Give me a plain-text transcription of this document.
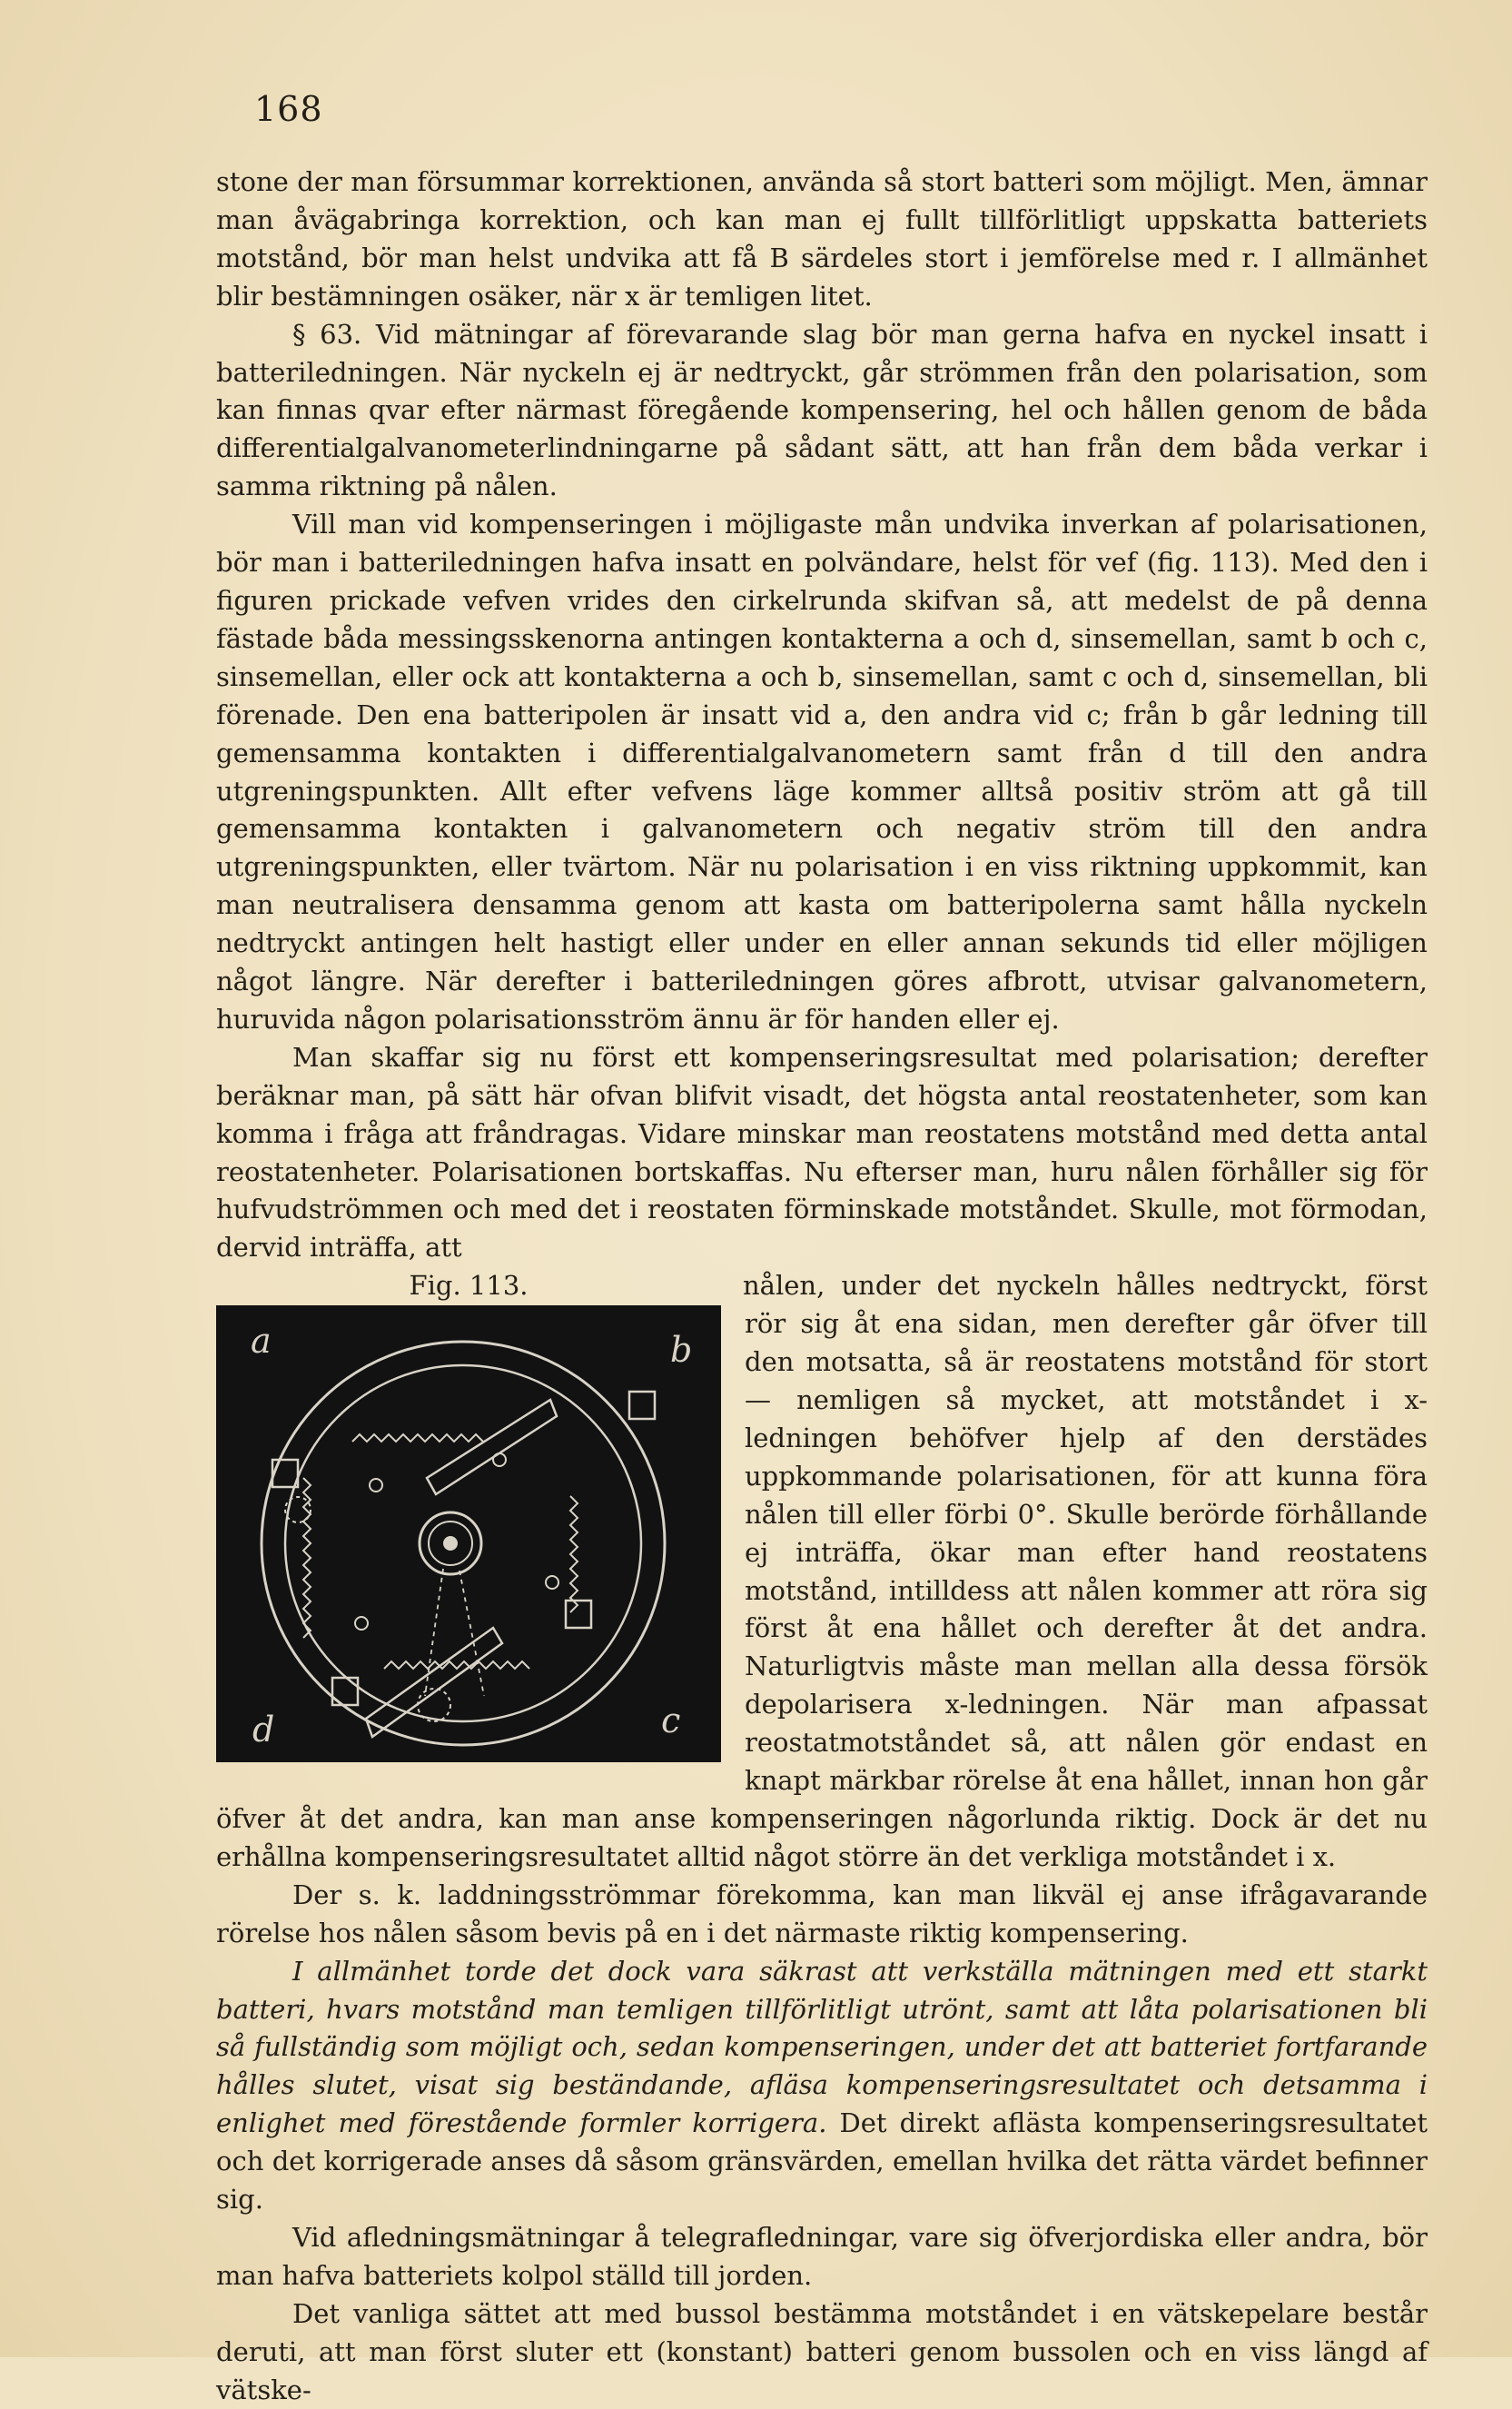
168

stone der man försummar korrektionen, använda så stort batteri som möjligt. Men, ämnar man åvägabringa korrektion, och kan man ej fullt tillförlitligt uppskatta batteriets motstånd, bör man helst undvika att få B särdeles stort i jemförelse med r. I allmänhet blir bestämningen osäker, när x är temligen litet.

§ 63. Vid mätningar af förevarande slag bör man gerna hafva en nyckel insatt i batteriledningen. När nyckeln ej är nedtryckt, går strömmen från den polarisation, som kan finnas qvar efter närmast föregående kompensering, hel och hållen genom de båda differentialgalvanometerlindningarne på sådant sätt, att han från dem båda verkar i samma riktning på nålen.

Vill man vid kompenseringen i möjligaste mån undvika inverkan af polarisationen, bör man i batteriledningen hafva insatt en polvändare, helst för vef (fig. 113). Med den i figuren prickade vefven vrides den cirkelrunda skifvan så, att medelst de på denna fästade båda messingsskenorna antingen kontakterna a och d, sinsemellan, samt b och c, sinsemellan, eller ock att kontakterna a och b, sinsemellan, samt c och d, sinsemellan, bli förenade. Den ena batteripolen är insatt vid a, den andra vid c; från b går ledning till gemensamma kontakten i differentialgalvanometern samt från d till den andra utgreningspunkten. Allt efter vefvens läge kommer alltså positiv ström att gå till gemensamma kontakten i galvanometern och negativ ström till den andra utgreningspunkten, eller tvärtom. När nu polarisation i en viss riktning uppkommit, kan man neutralisera densamma genom att kasta om batteripolerna samt hålla nyckeln nedtryckt antingen helt hastigt eller under en eller annan sekunds tid eller möjligen något längre. När derefter i batteriledningen göres afbrott, utvisar galvanometern, huruvida någon polarisationsström ännu är för handen eller ej.

Man skaffar sig nu först ett kompenseringsresultat med polarisation; derefter beräknar man, på sätt här ofvan blifvit visadt, det högsta antal reostatenheter, som kan komma i fråga att fråndragas. Vidare minskar man reostatens motstånd med detta antal reostatenheter. Polarisationen bortskaffas. Nu efterser man, huru nålen förhåller sig för hufvudströmmen och med det i reostaten förminskade motståndet. Skulle, mot förmodan, dervid inträffa, att

Fig. 113.
a	b
c
d

nålen, under det nyckeln hålles nedtryckt, först rör sig åt ena sidan, men derefter går öfver till den motsatta, så är reostatens motstånd för stort — nemligen så mycket, att motståndet i x-ledningen behöfver hjelp af den derstädes uppkommande polarisationen, för att kunna föra nålen till eller förbi 0°. Skulle berörde förhållande ej inträffa, ökar man efter hand reostatens motstånd, intilldess att nålen kommer att röra sig först åt ena hållet och derefter åt det andra. Naturligtvis måste man mellan alla dessa försök depolarisera x-ledningen. När man afpassat reostatmotståndet så, att nålen gör endast en knapt märkbar rörelse åt ena hållet, innan hon går öfver åt det andra, kan man anse kompenseringen någorlunda riktig. Dock är det nu erhållna kompenseringsresultatet alltid något större än det verkliga motståndet i x.

Der s. k. laddningsströmmar förekomma, kan man likväl ej anse ifrågavarande rörelse hos nålen såsom bevis på en i det närmaste riktig kompensering.

I allmänhet torde det dock vara säkrast att verkställa mätningen med ett starkt batteri, hvars motstånd man temligen tillförlitligt utrönt, samt att låta polarisationen bli så fullständig som möjligt och, sedan kompenseringen, under det att batteriet fortfarande hålles slutet, visat sig beständande, afläsa kompenseringsresultatet och detsamma i enlighet med förestående formler korrigera. Det direkt aflästa kompenseringsresultatet och det korrigerade anses då såsom gränsvärden, emellan hvilka det rätta värdet befinner sig.

Vid afledningsmätningar å telegrafledningar, vare sig öfverjordiska eller andra, bör man hafva batteriets kolpol ställd till jorden.

Det vanliga sättet att med bussol bestämma motståndet i en vätskepelare består deruti, att man först sluter ett (konstant) batteri genom bussolen och en viss längd af vätske-
